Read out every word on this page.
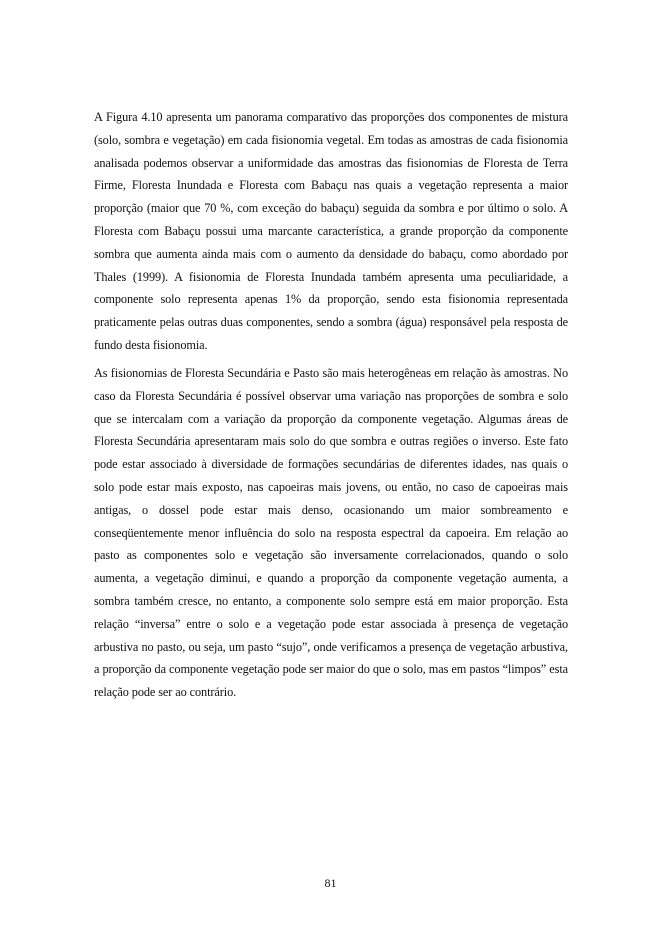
A Figura 4.10 apresenta um panorama comparativo das proporções dos componentes de mistura (solo, sombra e vegetação) em cada fisionomia vegetal. Em todas as amostras de cada fisionomia analisada podemos observar a uniformidade das amostras das fisionomias de Floresta de Terra Firme, Floresta Inundada e Floresta com Babaçu nas quais a vegetação representa a maior proporção (maior que 70 %, com exceção do babaçu) seguida da sombra e por último o solo. A Floresta com Babaçu possui uma marcante característica, a grande proporção da componente sombra que aumenta ainda mais com o aumento da densidade do babaçu, como abordado por Thales (1999). A fisionomia de Floresta Inundada também apresenta uma peculiaridade, a componente solo representa apenas 1% da proporção, sendo esta fisionomia representada praticamente pelas outras duas componentes, sendo a sombra (água) responsável pela resposta de fundo desta fisionomia.

As fisionomias de Floresta Secundária e Pasto são mais heterogêneas em relação às amostras. No caso da Floresta Secundária é possível observar uma variação nas proporções de sombra e solo que se intercalam com a variação da proporção da componente vegetação. Algumas áreas de Floresta Secundária apresentaram mais solo do que sombra e outras regiões o inverso. Este fato pode estar associado à diversidade de formações secundárias de diferentes idades, nas quais o solo pode estar mais exposto, nas capoeiras mais jovens, ou então, no caso de capoeiras mais antigas, o dossel pode estar mais denso, ocasionando um maior sombreamento e conseqüentemente menor influência do solo na resposta espectral da capoeira. Em relação ao pasto as componentes solo e vegetação são inversamente correlacionados, quando o solo aumenta, a vegetação diminui, e quando a proporção da componente vegetação aumenta, a sombra também cresce, no entanto, a componente solo sempre está em maior proporção. Esta relação “inversa” entre o solo e a vegetação pode estar associada à presença de vegetação arbustiva no pasto, ou seja, um pasto “sujo”, onde verificamos a presença de vegetação arbustiva, a proporção da componente vegetação pode ser maior do que o solo, mas em pastos “limpos” esta relação pode ser ao contrário.

81
